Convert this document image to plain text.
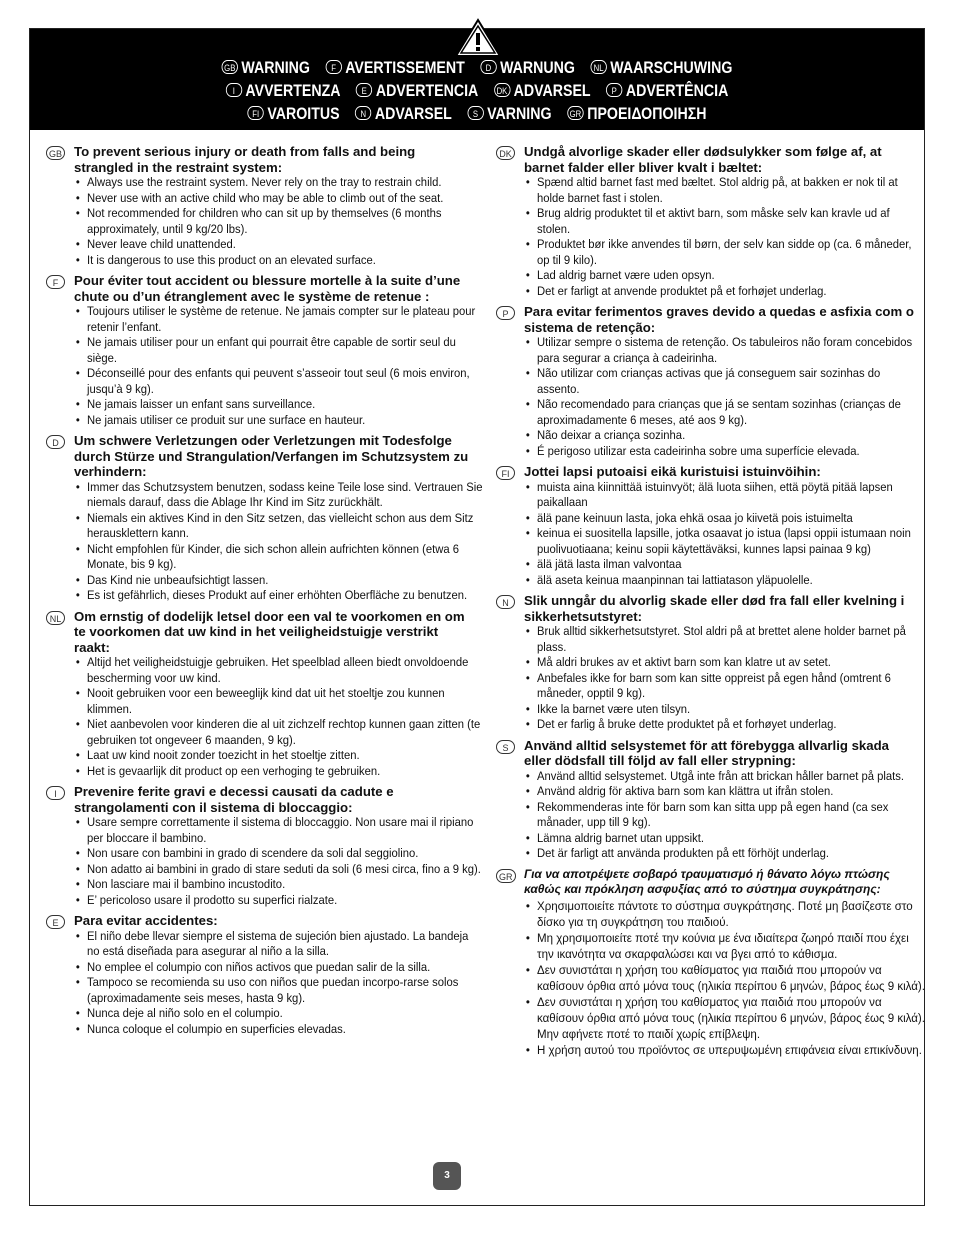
GB WARNING F AVERTISSEMENT D WARNUNG NL WAARSCHUWING
I AVVERTENZA E ADVERTENCIA DK ADVARSEL P ADVERTÊNCIA
FI VAROITUS N ADVARSEL S VARNING GR ΠΡΟΕΙΔΟΠΟΙΗΣΗ
GB To prevent serious injury or death from falls and being strangled in the restraint system:
• Always use the restraint system. Never rely on the tray to restrain child.
• Never use with an active child who may be able to climb out of the seat.
• Not recommended for children who can sit up by themselves (6 months approximately, until 9 kg/20 lbs).
• Never leave child unattended.
• It is dangerous to use this product on an elevated surface.
F	Pour éviter tout accident ou blessure mortelle à la suite d’une chute ou d’un étranglement avec le système de retenue :
• Toujours utiliser le système de retenue. Ne jamais compter sur le plateau pour retenir l’enfant.
• Ne jamais utiliser pour un enfant qui pourrait être capable de sortir seul du siège.
• Déconseillé pour des enfants qui peuvent s’asseoir tout seul (6 mois environ, jusqu’à 9 kg).
• Ne jamais laisser un enfant sans surveillance.
• Ne jamais utiliser ce produit sur une surface en hauteur.
D	Um schwere Verletzungen oder Verletzungen mit Todesfolge durch Stürze und Strangulation/Verfangen im Schutzsystem zu verhindern:
• Immer das Schutzsystem benutzen, sodass keine Teile lose sind. Vertrauen Sie niemals darauf, dass die Ablage Ihr Kind im Sitz zurückhält.
• Niemals ein aktives Kind in den Sitz setzen, das vielleicht schon aus dem Sitz herausklettern kann.
• Nicht empfohlen für Kinder, die sich schon allein aufrichten können (etwa 6 Monate, bis 9 kg).
• Das Kind nie unbeaufsichtigt lassen.
• Es ist gefährlich, dieses Produkt auf einer erhöhten Oberfläche zu benutzen.
NL Om ernstig of dodelijk letsel door een val te voorkomen en om te voorkomen dat uw kind in het veiligheidstuigje verstrikt raakt:
• Altijd het veiligheidstuigje gebruiken. Het speelblad alleen biedt onvoldoende bescherming voor uw kind.
• Nooit gebruiken voor een beweeglijk kind dat uit het stoeltje zou kunnen klimmen.
• Niet aanbevolen voor kinderen die al uit zichzelf rechtop kunnen gaan zitten (te gebruiken tot ongeveer 6 maanden, 9 kg).
• Laat uw kind nooit zonder toezicht in het stoeltje zitten.
• Het is gevaarlijk dit product op een verhoging te gebruiken.
I	Prevenire ferite gravi e decessi causati da cadute e strangolamenti con il sistema di bloccaggio:
• Usare sempre correttamente il sistema di bloccaggio. Non usare mai il ripiano per bloccare il bambino.
• Non usare con bambini in grado di scendere da soli dal seggiolino.
• Non adatto ai bambini in grado di stare seduti da soli (6 mesi circa, fino a 9 kg).
• Non lasciare mai il bambino incustodito.
• E’ pericoloso usare il prodotto su superfici rialzate.
E	Para evitar accidentes:
• El niño debe llevar siempre el sistema de sujeción bien ajustado. La bandeja no está diseñada para asegurar al niño a la silla.
• No emplee el columpio con niños activos que puedan salir de la silla.
• Tampoco se recomienda su uso con niños que puedan incorpo-rarse solos (aproximadamente seis meses, hasta 9 kg).
• Nunca deje al niño solo en el columpio.
• Nunca coloque el columpio en superficies elevadas.
DK Undgå alvorlige skader eller dødsulykker som følge af, at barnet falder eller bliver kvalt i bæltet:
• Spænd altid barnet fast med bæltet. Stol aldrig på, at bakken er nok til at holde barnet fast i stolen.
• Brug aldrig produktet til et aktivt barn, som måske selv kan kravle ud af stolen.
• Produktet bør ikke anvendes til børn, der selv kan sidde op (ca. 6 måneder, op til 9 kilo).
• Lad aldrig barnet være uden opsyn.
• Det er farligt at anvende produktet på et forhøjet underlag.
P	Para evitar ferimentos graves devido a quedas e asfixia com o sistema de retenção:
• Utilizar sempre o sistema de retenção. Os tabuleiros não foram concebidos para segurar a criança à cadeirinha.
• Não utilizar com crianças activas que já conseguem sair sozinhas do assento.
• Não recomendado para crianças que já se sentam sozinhas (crianças de aproximadamente 6 meses, até aos 9 kg).
• Não deixar a criança sozinha.
• É perigoso utilizar esta cadeirinha sobre uma superfície elevada.
FI	Jottei lapsi putoaisi eikä kuristuisi istuinvöihin:
• muista aina kiinnittää istuinvyöt; älä luota siihen, että pöytä pitää lapsen paikallaan
• älä pane keinuun lasta, joka ehkä osaa jo kiivetä pois istuimelta
• keinua ei suositella lapsille, jotka osaavat jo istua (lapsi oppii istumaan noin puolivuotiaana; keinu sopii käytettäväksi, kunnes lapsi painaa 9 kg)
• älä jätä lasta ilman valvontaa
• älä aseta keinua maanpinnan tai lattiatason yläpuolelle.
N	Slik unngår du alvorlig skade eller død fra fall eller kvelning i sikkerhetsutstyret:
• Bruk alltid sikkerhetsutstyret. Stol aldri på at brettet alene holder barnet på plass.
• Må aldri brukes av et aktivt barn som kan klatre ut av setet.
• Anbefales ikke for barn som kan sitte oppreist på egen hånd (omtrent 6 måneder, opptil 9 kg).
• Ikke la barnet være uten tilsyn.
• Det er farlig å bruke dette produktet på et forhøyet underlag.
S	Använd alltid selsystemet för att förebygga allvarlig skada eller dödsfall till följd av fall eller strypning:
• Använd alltid selsystemet. Utgå inte från att brickan håller barnet på plats.
• Använd aldrig för aktiva barn som kan klättra ut ifrån stolen.
• Rekommenderas inte för barn som kan sitta upp på egen hand (ca sex månader, upp till 9 kg).
• Lämna aldrig barnet utan uppsikt.
• Det är farligt att använda produkten på ett förhöjt underlag.
GR Για να αποτρέψετε σοβαρό τραυματισμό ή θάνατο λόγω πτώσης καθώς και πρόκληση ασφυξίας από το σύστημα συγκράτησης:
• Χρησιμοποιείτε πάντοτε το σύστημα συγκράτησης. Ποτέ μη βασίζεστε στο δίσκο για τη συγκράτηση του παιδιού.
• Μη χρησιμοποιείτε ποτέ την κούνια με ένα ιδιαίτερα ζωηρό παιδί που έχει την ικανότητα να σκαρφαλώσει και να βγει από το κάθισμα.
• Δεν συνιστάται η χρήση του καθίσματος για παιδιά που μπορούν να καθίσουν όρθια από μόνα τους (ηλικία περίπου 6 μηνών, βάρος έως 9 κιλά).
• Δεν συνιστάται η χρήση του καθίσματος για παιδιά που μπορούν να καθίσουν όρθια από μόνα τους (ηλικία περίπου 6 μηνών, βάρος έως 9 κιλά). Μην αφήνετε ποτέ το παιδί χωρίς επίβλεψη.
• Η χρήση αυτού του προϊόντος σε υπερυψωμένη επιφάνεια είναι επικίνδυνη.
3
